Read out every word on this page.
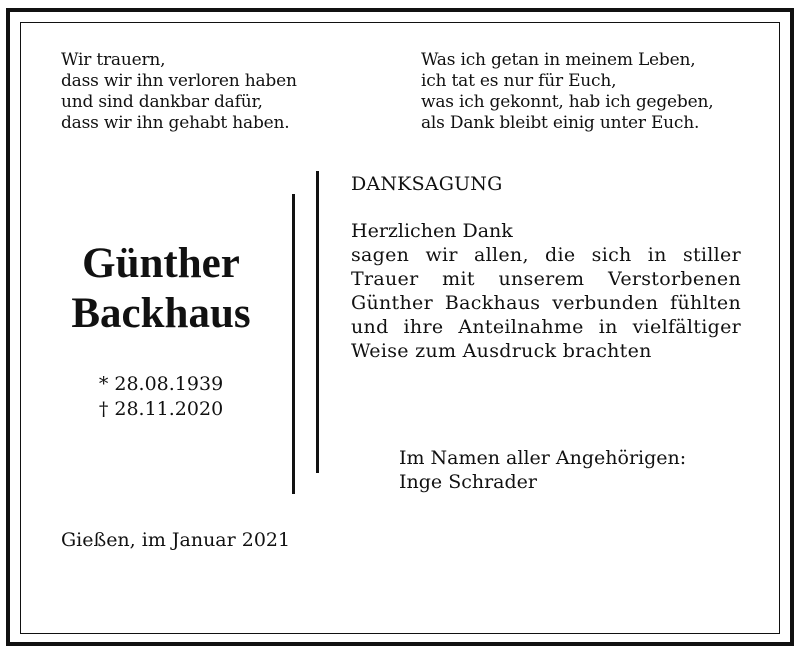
Wir trauern,
dass wir ihn verloren haben
und sind dankbar dafür,
dass wir ihn gehabt haben.
Was ich getan in meinem Leben,
ich tat es nur für Euch,
was ich gekonnt, hab ich gegeben,
als Dank bleibt einig unter Euch.
Günther
Backhaus
* 28.08.1939
† 28.11.2020
DANKSAGUNG
Herzlichen Dank
sagen wir allen, die sich in stiller Trauer mit unserem Verstorbenen Günther Backhaus verbunden fühlten und ihre Anteilnahme in vielfältiger Weise zum Ausdruck brachten
Im Namen aller Angehörigen:
Inge Schrader
Gießen, im Januar 2021
